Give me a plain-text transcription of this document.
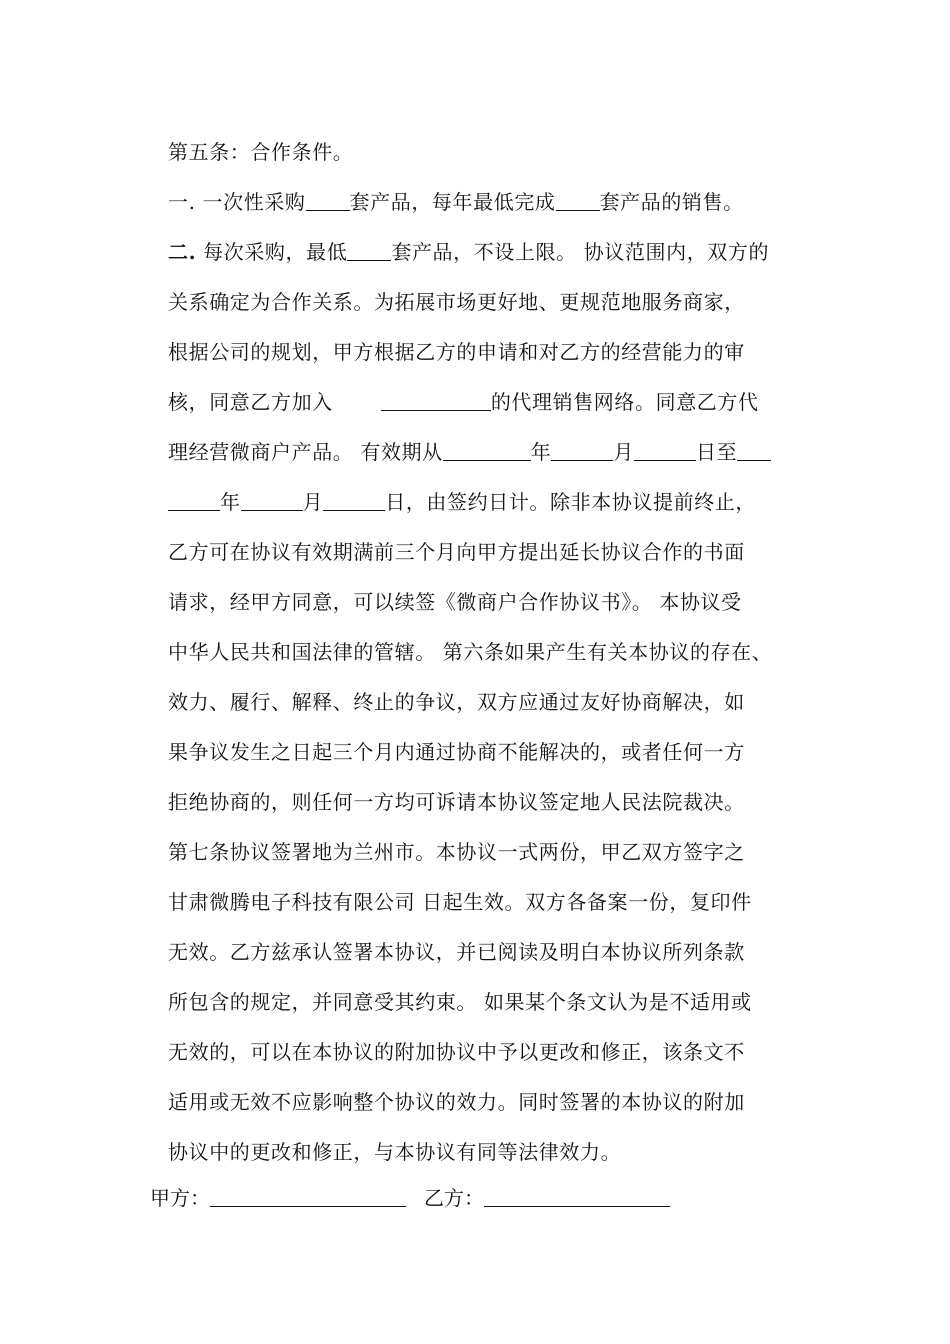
第五条：合作条件。
一. 一次性采购 套产品，每年最低完成 套产品的销售。
二. 每次采购，最低 套产品，不设上限。 协议范围内，双方的
关系确定为合作关系。为拓展市场更好地、更规范地服务商家，
根据公司的规划，甲方根据乙方的申请和对乙方的经营能力的审
核，同意乙方加入	的代理销售网络。同意乙方代
理经营微商户产品。 有效期从	年	月	日至
年	月	日，由签约日计。除非本协议提前终止，
乙方可在协议有效期满前三个月向甲方提出延长协议合作的书面
请求，经甲方同意，可以续签《微商户合作协议书》。 本协议受
中华人民共和国法律的管辖。 第六条如果产生有关本协议的存在、
效力、履行、解释、终止的争议，双方应通过友好协商解决，如
果争议发生之日起三个月内通过协商不能解决的，或者任何一方
拒绝协商的，则任何一方均可诉请本协议签定地人民法院裁决。
第七条协议签署地为兰州市。本协议一式两份，甲乙双方签字之
甘肃微腾电子科技有限公司 日起生效。双方各备案一份，复印件
无效。乙方兹承认签署本协议，并已阅读及明白本协议所列条款
所包含的规定，并同意受其约束。 如果某个条文认为是不适用或
无效的，可以在本协议的附加协议中予以更改和修正，该条文不
适用或无效不应影响整个协议的效力。同时签署的本协议的附加
协议中的更改和修正，与本协议有同等法律效力。
甲方：	乙方：
